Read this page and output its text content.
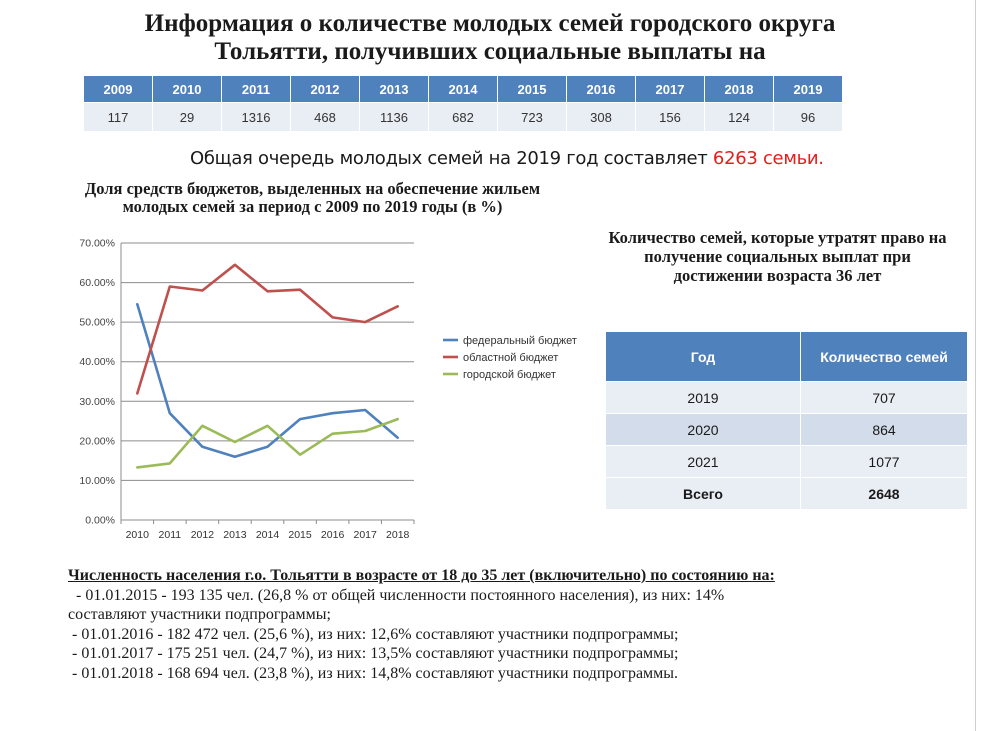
Информация о количестве молодых семей городского округа
Тольятти, получивших социальные выплаты на
2009	2010	2011	2012	2013	2014	2015	2016	2017	2018	2019
117	29	1316	468	1136	682	723	308	156	124	96
Общая очередь молодых семей на 2019 год составляет 6263 семьи.
Доля средств бюджетов, выделенных на обеспечение жильем молодых семей за период с 2009 по 2019 годы (в %)
0.00%
10.00%
20.00%
30.00%
40.00%
50.00%
60.00%
70.00%
2010 2011 2012 2013 2014 2015 2016 2017 2018
федеральный бюджет
областной бюджет
городской бюджет
Количество семей, которые утратят право на получение социальных выплат при достижении возраста 36 лет
Год	Количество семей
2019	707
2020	864
2021	1077
Всего	2648
Численность населения г.о. Тольятти в возрасте от 18 до 35 лет (включительно) по состоянию на:
- 01.01.2015 - 193 135 чел. (26,8 % от общей численности постоянного населения), из них: 14%
составляют участники подпрограммы;
- 01.01.2016 - 182 472 чел. (25,6 %), из них: 12,6% составляют участники подпрограммы;
- 01.01.2017 - 175 251 чел. (24,7 %), из них: 13,5% составляют участники подпрограммы;
- 01.01.2018 - 168 694 чел. (23,8 %), из них: 14,8% составляют участники подпрограммы.
